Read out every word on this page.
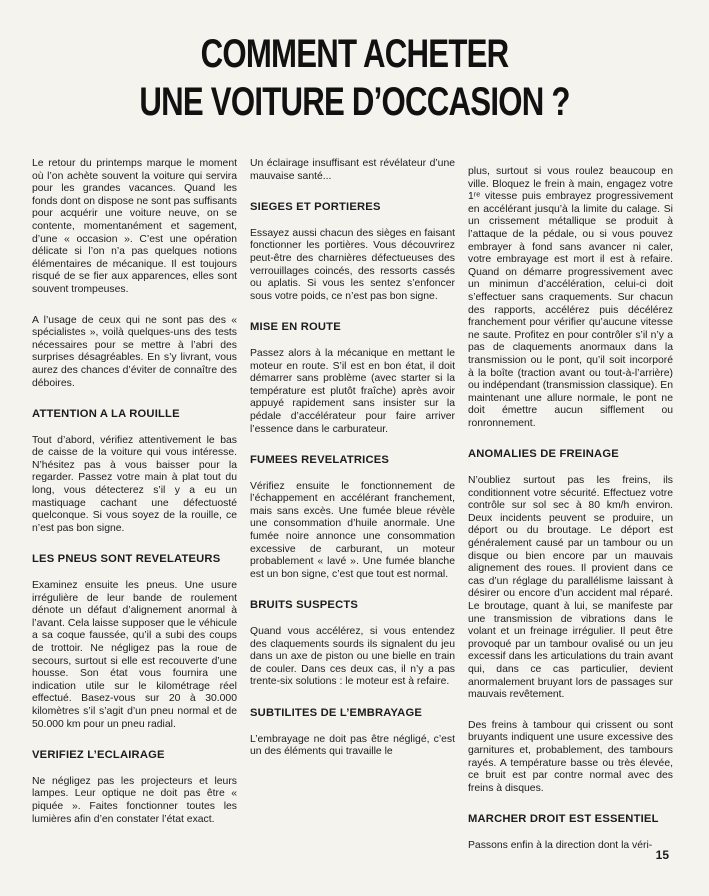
COMMENT ACHETER
UNE VOITURE D’OCCASION ?

Le retour du printemps marque le moment où l’on achète souvent la voiture qui servira pour les grandes vacances. Quand les fonds dont on dispose ne sont pas suffisants pour acquérir une voiture neuve, on se contente, momentanément et sagement, d’une « occasion ». C’est une opération délicate si l’on n’a pas quelques notions élémentaires de mécanique. Il est toujours risqué de se fier aux apparences, elles sont souvent trompeuses.

A l’usage de ceux qui ne sont pas des « spécialistes », voilà quelques-uns des tests nécessaires pour se mettre à l’abri des surprises désagréables. En s’y livrant, vous aurez des chances d’éviter de connaître des déboires.

ATTENTION A LA ROUILLE

Tout d’abord, vérifiez attentivement le bas de caisse de la voiture qui vous intéresse. N’hésitez pas à vous baisser pour la regarder. Passez votre main à plat tout du long, vous détecterez s’il y a eu un mastiquage cachant une défectuosté quelconque. Si vous soyez de la rouille, ce n’est pas bon signe.

LES PNEUS SONT REVELATEURS

Examinez ensuite les pneus. Une usure irrégulière de leur bande de roulement dénote un défaut d’alignement anormal à l’avant. Cela laisse supposer que le véhicule a sa coque faussée, qu’il a subi des coups de trottoir. Ne négligez pas la roue de secours, surtout si elle est recouverte d’une housse. Son état vous fournira une indication utile sur le kilométrage réel effectué. Basez-vous sur 20 à 30.000 kilomètres s’il s’agit d’un pneu normal et de 50.000 km pour un pneu radial.

VERIFIEZ L’ECLAIRAGE

Ne négligez pas les projecteurs et leurs lampes. Leur optique ne doit pas être « piquée ». Faites fonctionner toutes les lumières afin d’en constater l’état exact.

Un éclairage insuffisant est révélateur d’une mauvaise santé...

SIEGES ET PORTIERES

Essayez aussi chacun des sièges en faisant fonctionner les portières. Vous découvrirez peut-être des charnières défectueuses des verrouillages coincés, des ressorts cassés ou aplatis. Si vous les sentez s’enfoncer sous votre poids, ce n’est pas bon signe.

MISE EN ROUTE

Passez alors à la mécanique en mettant le moteur en route. S’il est en bon état, il doit démarrer sans problème (avec starter si la température est plutôt fraîche) après avoir appuyé rapidement sans insister sur la pédale d’accélérateur pour faire arriver l’essence dans le carburateur.

FUMEES REVELATRICES

Vérifiez ensuite le fonctionnement de l’échappement en accélérant franchement, mais sans excès. Une fumée bleue révèle une consommation d’huile anormale. Une fumée noire annonce une consommation excessive de carburant, un moteur probablement « lavé ». Une fumée blanche est un bon signe, c’est que tout est normal.

BRUITS SUSPECTS

Quand vous accélérez, si vous entendez des claquements sourds ils signalent du jeu dans un axe de piston ou une bielle en train de couler. Dans ces deux cas, il n’y a pas trente-six solutions : le moteur est à refaire.

SUBTILITES DE L’EMBRAYAGE

L’embrayage ne doit pas être négligé, c’est un des éléments qui travaille le

plus, surtout si vous roulez beaucoup en ville. Bloquez le frein à main, engagez votre 1ʳᵉ vitesse puis embrayez progressivement en accélérant jusqu’à la limite du calage. Si un crissement métallique se produit à l’attaque de la pédale, ou si vous pouvez embrayer à fond sans avancer ni caler, votre embrayage est mort il est à refaire. Quand on démarre progressivement avec un minimun d’accélération, celui-ci doit s’effectuer sans craquements. Sur chacun des rapports, accélérez puis décélérez franchement pour vérifier qu’aucune vitesse ne saute. Profitez en pour contrôler s’il n’y a pas de claquements anormaux dans la transmission ou le pont, qu’il soit incorporé à la boîte (traction avant ou tout-à-l’arrière) ou indépendant (transmission classique). En maintenant une allure normale, le pont ne doit émettre aucun sifflement ou ronronnement.

ANOMALIES DE FREINAGE

N’oubliez surtout pas les freins, ils conditionnent votre sécurité. Effectuez votre contrôle sur sol sec à 80 km/h environ. Deux incidents peuvent se produire, un déport ou du broutage. Le déport est généralement causé par un tambour ou un disque ou bien encore par un mauvais alignement des roues. Il provient dans ce cas d’un réglage du parallélisme laissant à désirer ou encore d’un accident mal réparé. Le broutage, quant à lui, se manifeste par une transmission de vibrations dans le volant et un freinage irrégulier. Il peut être provoqué par un tambour ovalisé ou un jeu excessif dans les articulations du train avant qui, dans ce cas particulier, devient anormalement bruyant lors de passages sur mauvais revêtement.

Des freins à tambour qui crissent ou sont bruyants indiquent une usure excessive des garnitures et, probablement, des tambours rayés. A température basse ou très élevée, ce bruit est par contre normal avec des freins à disques.

MARCHER DROIT EST ESSENTIEL

Passons enfin à la direction dont la véri-

15
